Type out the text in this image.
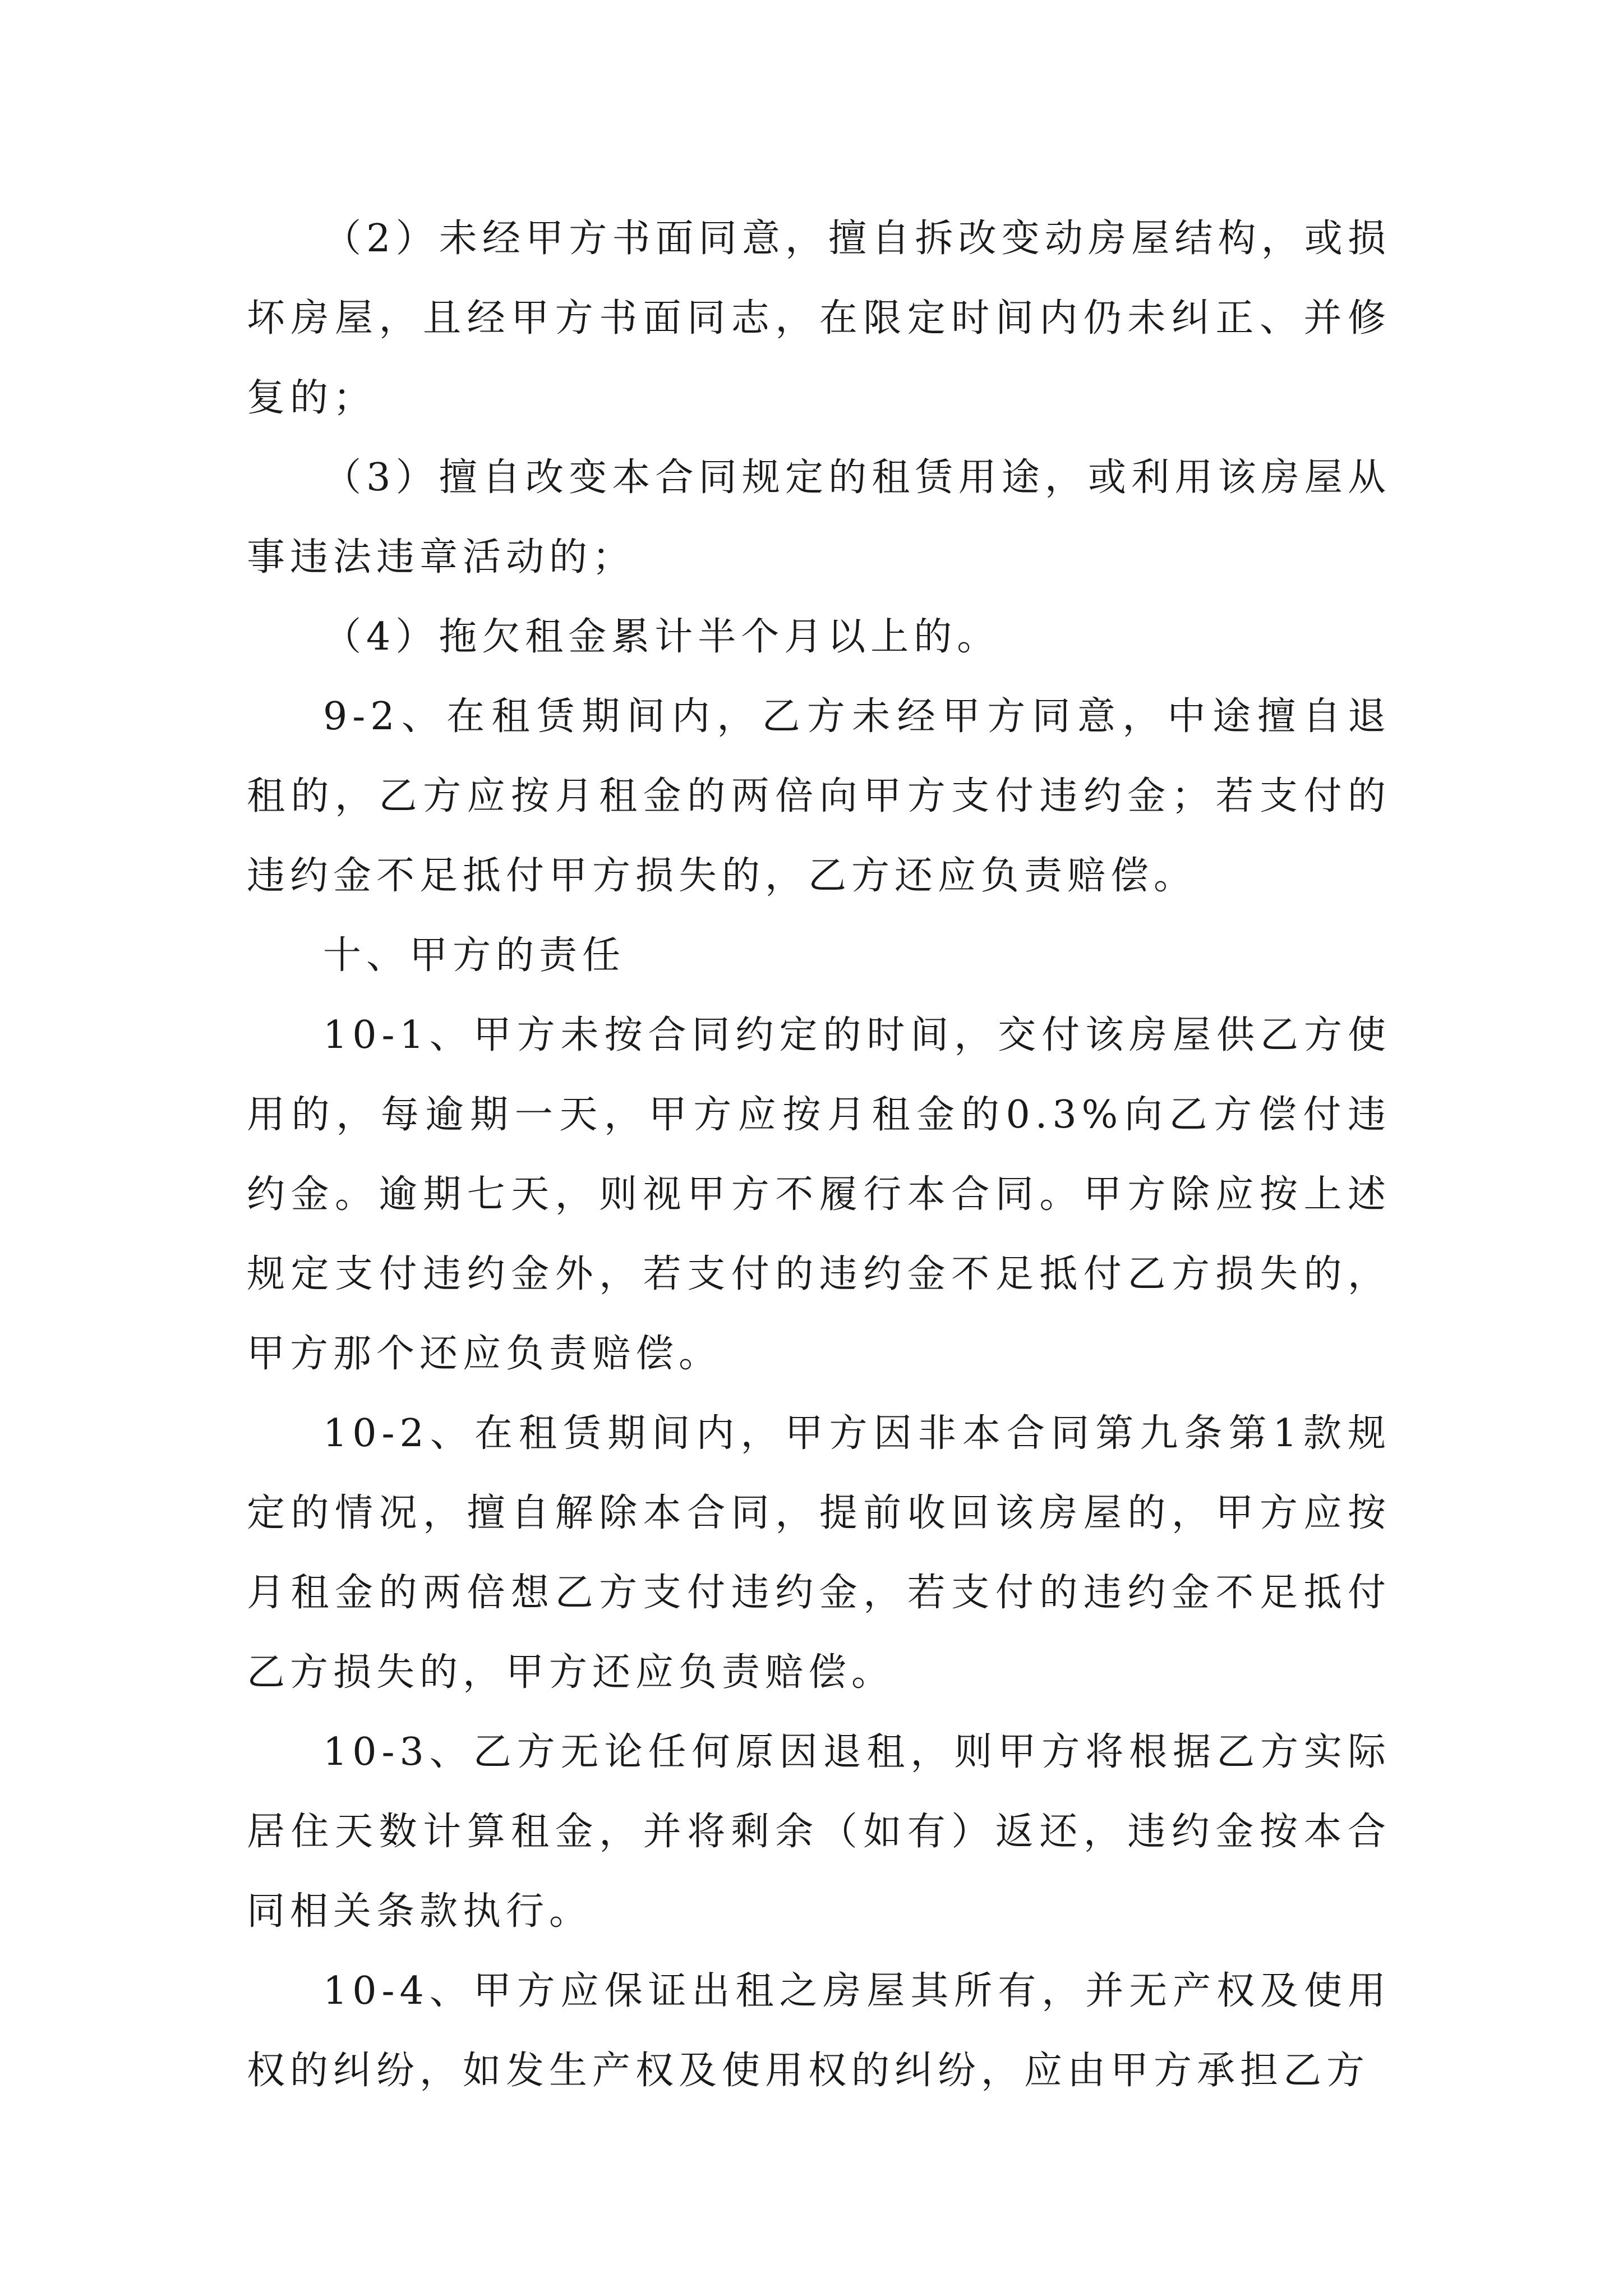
（2）未经甲方书面同意，擅自拆改变动房屋结构，或损坏房屋，且经甲方书面同志，在限定时间内仍未纠正、并修复的；

（3）擅自改变本合同规定的租赁用途，或利用该房屋从事违法违章活动的；

（4）拖欠租金累计半个月以上的。

9-2、在租赁期间内，乙方未经甲方同意，中途擅自退租的，乙方应按月租金的两倍向甲方支付违约金；若支付的违约金不足抵付甲方损失的，乙方还应负责赔偿。

十、甲方的责任

10-1、甲方未按合同约定的时间，交付该房屋供乙方使用的，每逾期一天，甲方应按月租金的0.3%向乙方偿付违约金。逾期七天，则视甲方不履行本合同。甲方除应按上述规定支付违约金外，若支付的违约金不足抵付乙方损失的，甲方那个还应负责赔偿。

10-2、在租赁期间内，甲方因非本合同第九条第1款规定的情况，擅自解除本合同，提前收回该房屋的，甲方应按月租金的两倍想乙方支付违约金，若支付的违约金不足抵付乙方损失的，甲方还应负责赔偿。

10-3、乙方无论任何原因退租，则甲方将根据乙方实际居住天数计算租金，并将剩余（如有）返还，违约金按本合同相关条款执行。

10-4、甲方应保证出租之房屋其所有，并无产权及使用权的纠纷，如发生产权及使用权的纠纷，应由甲方承担乙方
